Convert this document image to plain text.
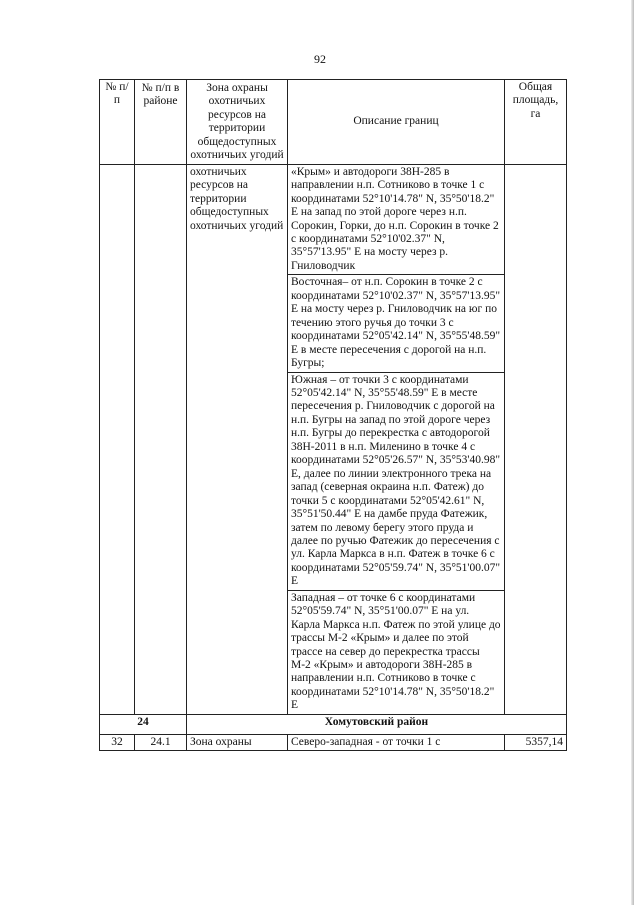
92
№ п/п	№ п/п в районе	Зона охраны охотничьих ресурсов на территории общедоступных охотничьих угодий	Описание границ	Общая площадь, га
		охотничьих ресурсов на территории общедоступных охотничьих угодий	«Крым» и автодороги 38Н-285 в направлении н.п. Сотниково в точке 1 с координатами 52°10'14.78" N, 35°50'18.2" E на запад по этой дороге через н.п. Сорокин, Горки, до н.п. Сорокин в точке 2 с координатами 52°10'02.37" N, 35°57'13.95" E на мосту через р. Гниловодчик	
			Восточная– от н.п. Сорокин в точке 2 с координатами 52°10'02.37" N, 35°57'13.95" E на мосту через р. Гниловодчик на юг по течению этого ручья до точки 3 с координатами 52°05'42.14" N, 35°55'48.59" E в месте пересечения с дорогой на н.п. Бугры;	
			Южная – от точки 3 с координатами 52°05'42.14" N, 35°55'48.59" E в месте пересечения р. Гниловодчик с дорогой на н.п. Бугры на запад по этой дороге через н.п. Бугры до перекрестка с автодорогой 38Н-2011 в н.п. Миленино в точке 4 с координатами 52°05'26.57" N, 35°53'40.98" E, далее по линии электронного трека на запад (северная окраина н.п. Фатеж) до точки 5 с координатами 52°05'42.61" N, 35°51'50.44" E на дамбе пруда Фатежик, затем по левому берегу этого пруда и далее по ручью Фатежик до пересечения с ул. Карла Маркса в н.п. Фатеж в точке 6 с координатами 52°05'59.74" N, 35°51'00.07" E	
			Западная – от точке 6 с координатами 52°05'59.74" N, 35°51'00.07" E на ул. Карла Маркса н.п. Фатеж по этой улице до трассы М-2 «Крым» и далее по этой трассе на север до перекрестка трассы М-2 «Крым» и автодороги 38Н-285 в направлении н.п. Сотниково в точке с координатами 52°10'14.78" N, 35°50'18.2" E	
24		Хомутовский район		
32	24.1	Зона охраны	Северо-западная - от точки 1 с	5357,14
